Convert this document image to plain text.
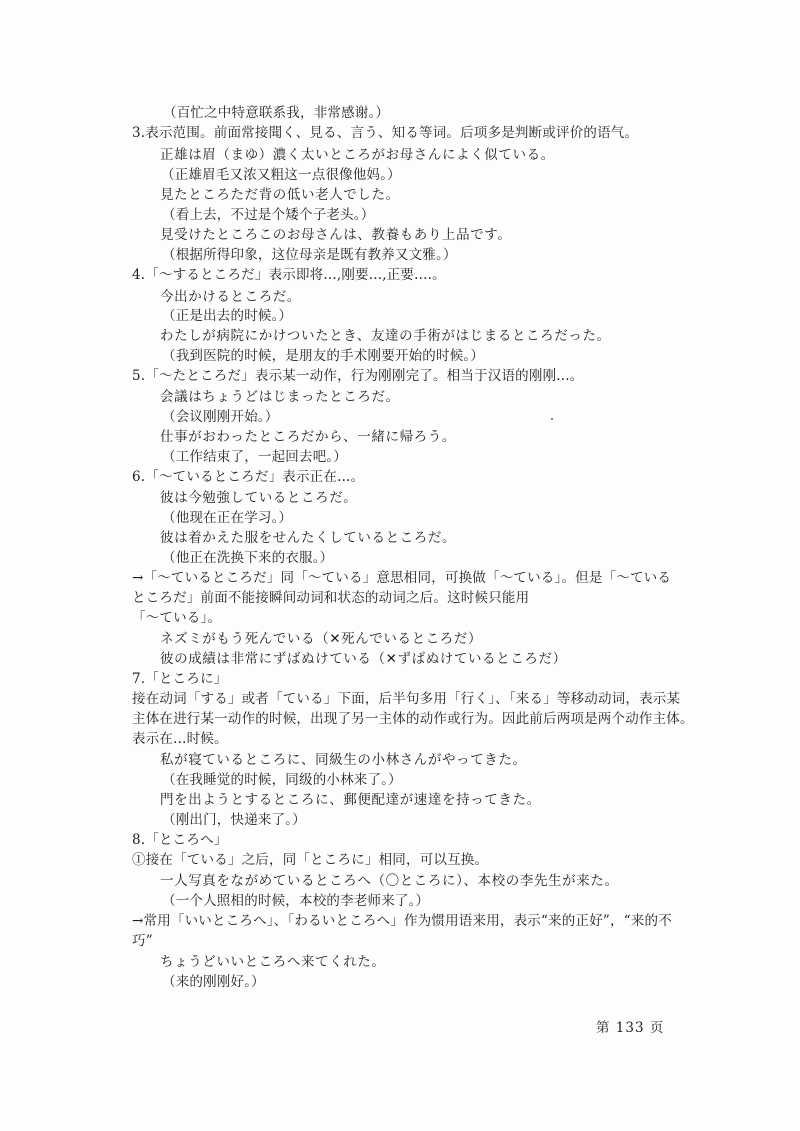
（百忙之中特意联系我，非常感谢。）
3.表示范围。前面常接聞く、見る、言う、知る等词。后项多是判断或评价的语气。
正雄は眉（まゆ）濃く太いところがお母さんによく似ている。
（正雄眉毛又浓又粗这一点很像他妈。）
見たところただ背の低い老人でした。
（看上去，不过是个矮个子老头。）
見受けたところこのお母さんは、教養もあり上品です。
（根据所得印象，这位母亲是既有教养又文雅。）
4.「～するところだ」表示即将...,刚要...,正要....。
今出かけるところだ。
（正是出去的时候。）
わたしが病院にかけついたとき、友達の手術がはじまるところだった。
（我到医院的时候，是朋友的手术刚要开始的时候。）
5.「～たところだ」表示某一动作，行为刚刚完了。相当于汉语的刚刚...。
会議はちょうどはじまったところだ。
（会议刚刚开始。）
仕事がおわったところだから、一緒に帰ろう。
（工作结束了，一起回去吧。）
6.「～ているところだ」表示正在...。
彼は今勉強しているところだ。
（他现在正在学习。）
彼は着かえた服をせんたくしているところだ。
（他正在洗换下来的衣服。）
→「～ているところだ」同「～ている」意思相同，可换做「～ている」。但是「～ている
ところだ」前面不能接瞬间动词和状态的动词之后。这时候只能用
「～ている」。
ネズミがもう死んでいる（✕死んでいるところだ）
彼の成績は非常にずばぬけている（✕ずばぬけているところだ）
7.「ところに」
接在动词「する」或者「ている」下面，后半句多用「行く」、「来る」等移动动词，表示某
主体在进行某一动作的时候，出现了另一主体的动作或行为。因此前后两项是两个动作主体。
表示在...时候。
私が寝ているところに、同級生の小林さんがやってきた。
（在我睡觉的时候，同级的小林来了。）
門を出ようとするところに、郵便配達が速達を持ってきた。
（刚出门，快递来了。）
8.「ところへ」
①接在「ている」之后，同「ところに」相同，可以互换。
一人写真をながめているところへ（〇ところに）、本校の李先生が来た。
（一个人照相的时候，本校的李老师来了。）
→常用「いいところへ」、「わるいところへ」作为惯用语来用，表示“来的正好”，“来的不
巧”
ちょうどいいところへ来てくれた。
（来的刚刚好。）
第 133 页
